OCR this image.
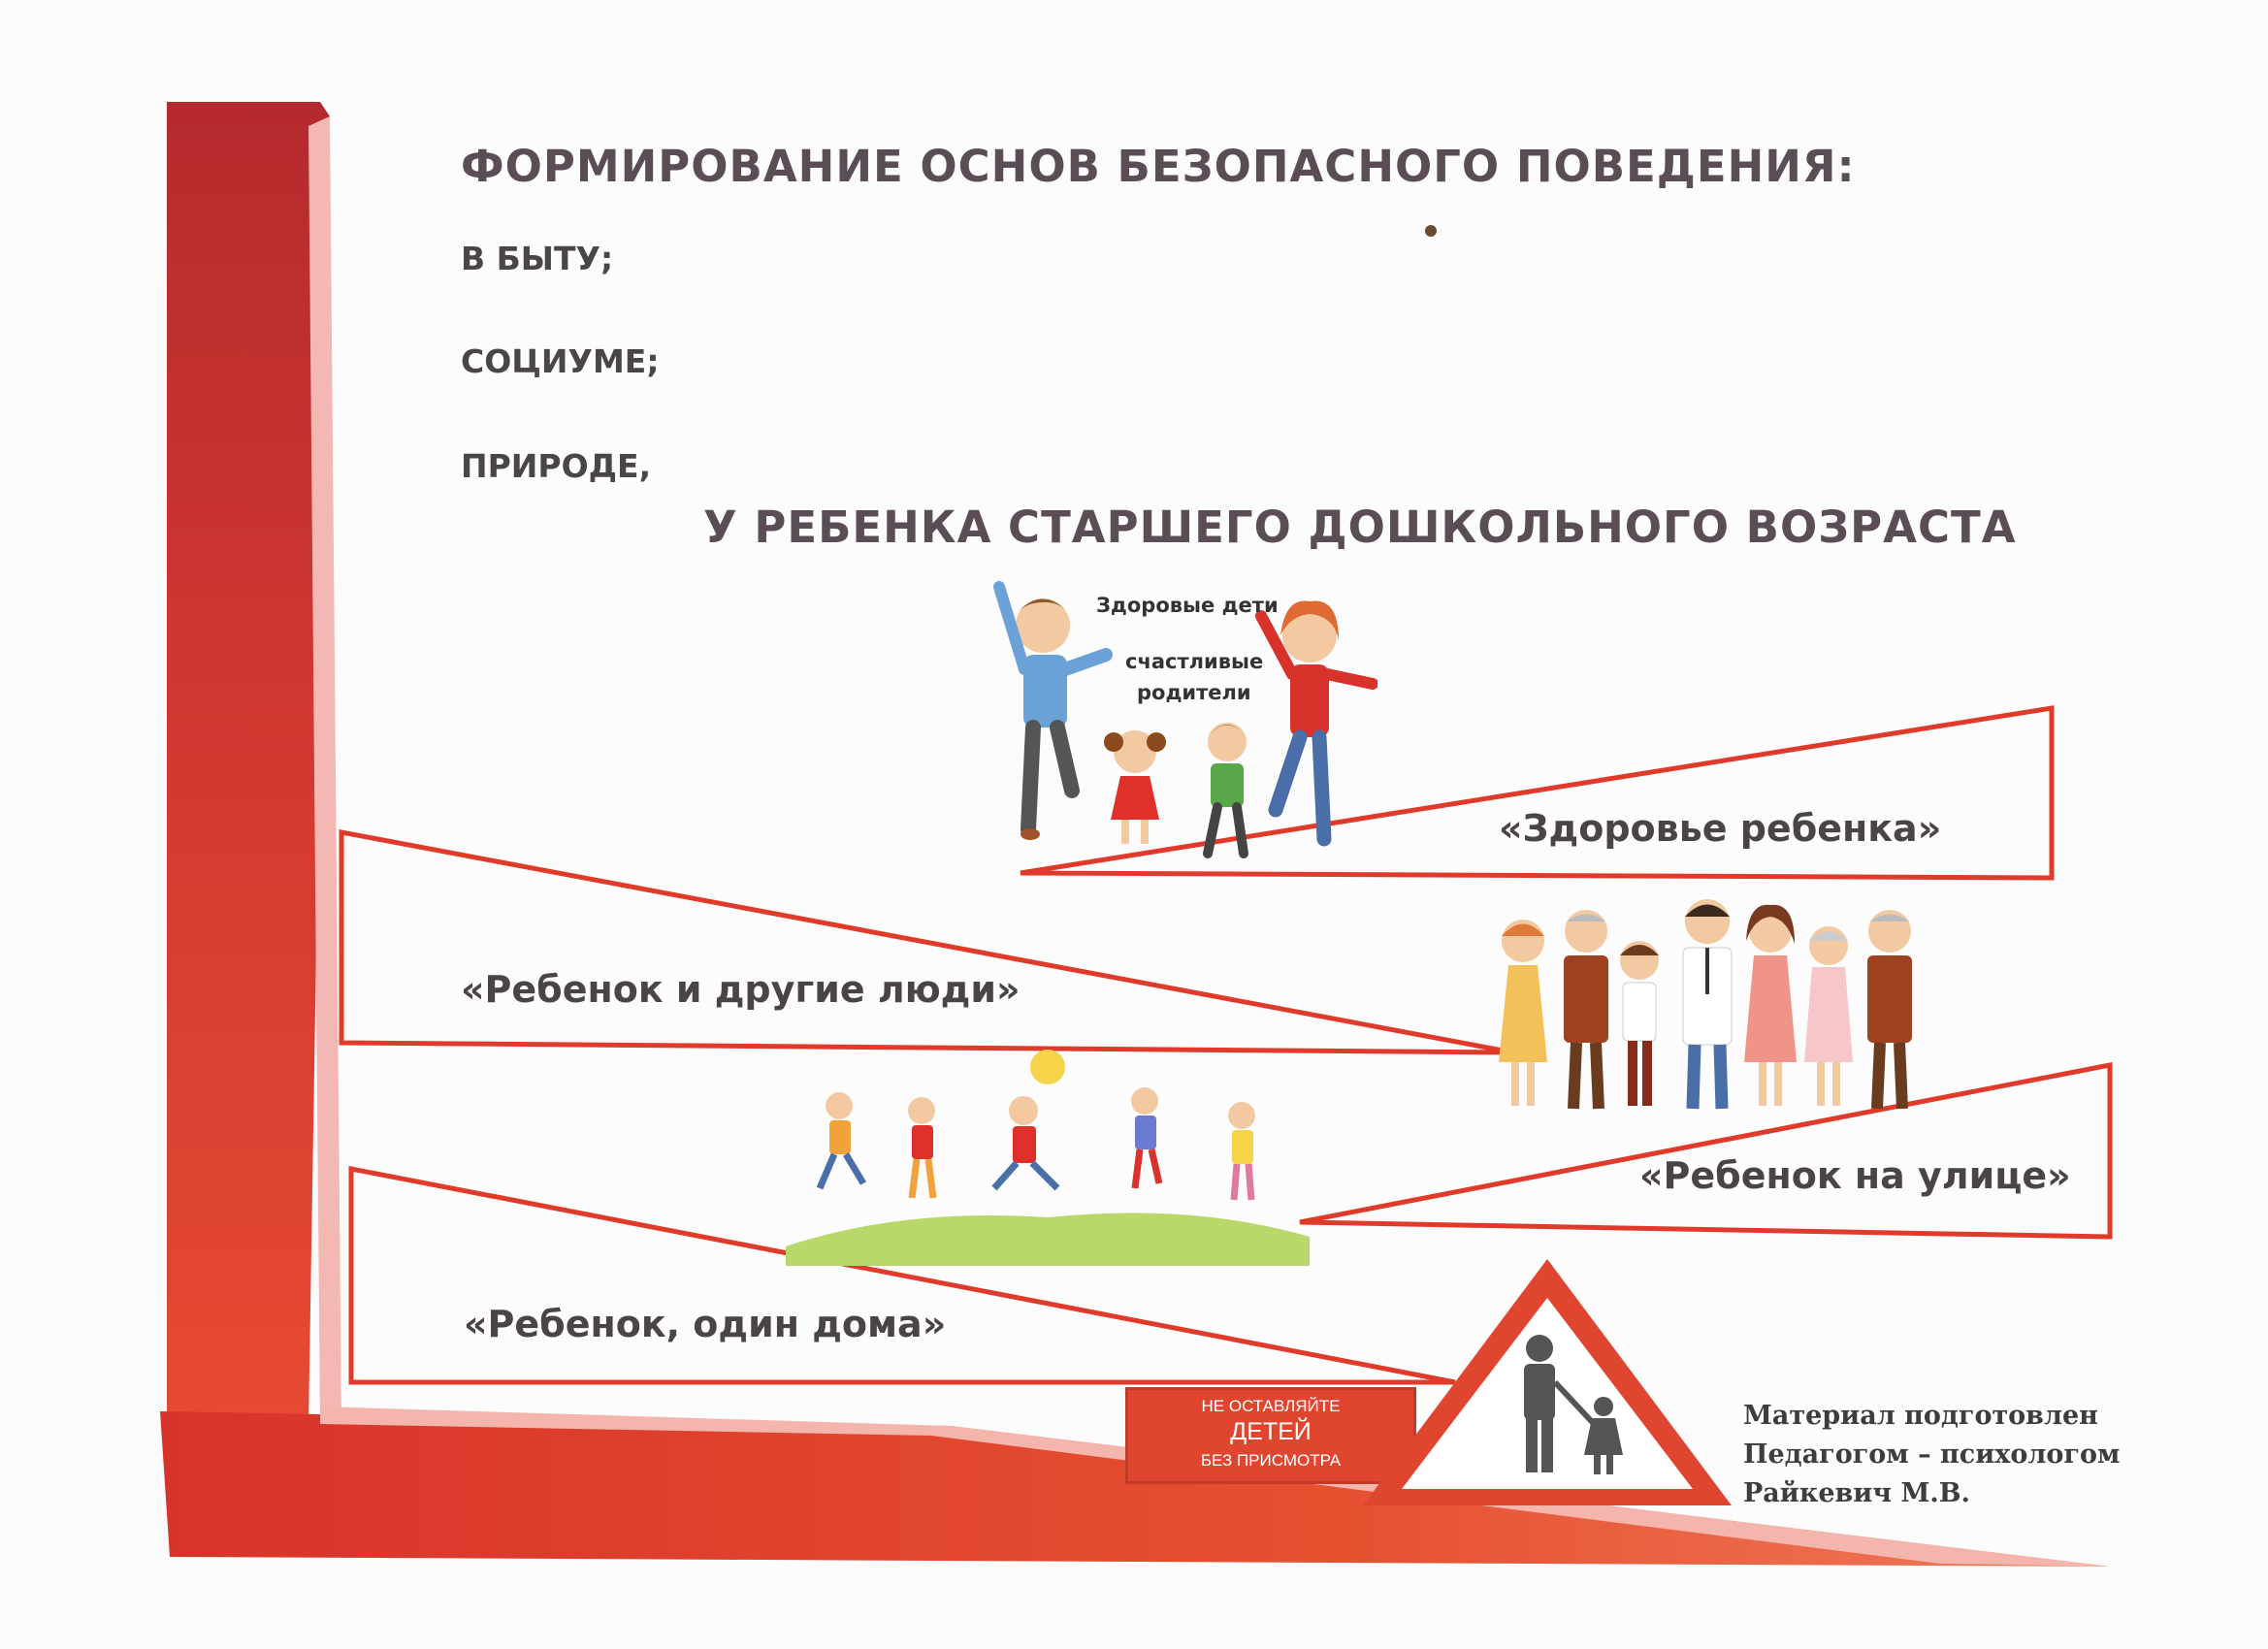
ФОРМИРОВАНИЕ ОСНОВ БЕЗОПАСНОГО ПОВЕДЕНИЯ:

В БЫТУ;

СОЦИУМЕ;

ПРИРОДЕ,

У РЕБЕНКА СТАРШЕГО ДОШКОЛЬНОГО ВОЗРАСТА

Здоровые дети

счастливые

родители

«Здоровье ребенка»

«Ребенок и другие люди»

«Ребенок на улице»

«Ребенок, один дома»

НЕ ОСТАВЛЯЙТЕ

ДЕТЕЙ

БЕЗ ПРИСМОТРА

Материал подготовлен

Педагогом – психологом

Райкевич М.В.
